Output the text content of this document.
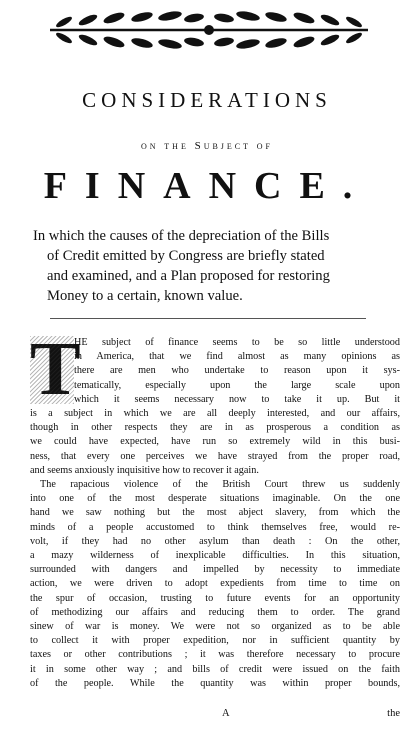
CONSIDERATIONS
on the Subject of
FINANCE.
In which the causes of the depreciation of the Bills
of Credit emitted by Congress are briefly stated
and examined, and a Plan proposed for restoring
Money to a certain, known value.
T
HE subject of finance seems to be so little understood
in America, that we find almost as many opinions as
there are men who undertake to reason upon it sys-
tematically, especially upon the large scale upon
which it seems necessary now to take it up. But it
is a subject in which we are all deeply interested, and our affairs,
though in other respects they are in as prosperous a condition as
we could have expected, have run so extremely wild in this busi-
ness, that every one perceives we have strayed from the proper road,
and seems anxiously inquisitive how to recover it again.
The rapacious violence of the British Court threw us suddenly
into one of the most desperate situations imaginable. On the one
hand we saw nothing but the most abject slavery, from which the
minds of a people accustomed to think themselves free, would re-
volt, if they had no other asylum than death : On the other,
a mazy wilderness of inexplicable difficulties. In this situation,
surrounded with dangers and impelled by necessity to immediate
action, we were driven to adopt expedients from time to time on
the spur of occasion, trusting to future events for an opportunity
of methodizing our affairs and reducing them to order. The grand
sinew of war is money. We were not so organized as to be able
to collect it with proper expedition, nor in sufficient quantity by
taxes or other contributions ; it was therefore necessary to procure
it in some other way ; and bills of credit were issued on the faith
of the people. While the quantity was within proper bounds,
A	the
